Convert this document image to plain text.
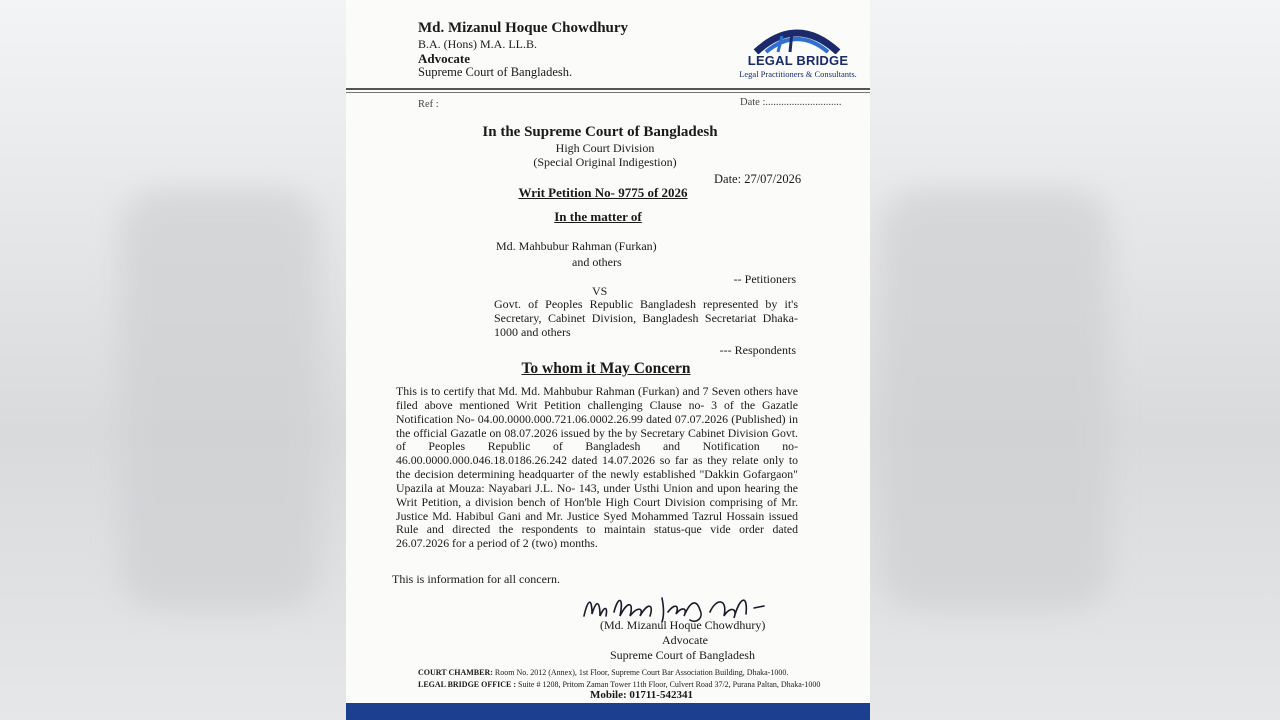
Md. Mizanul Hoque Chowdhury
B.A. (Hons) M.A. LL.B.
Advocate
Supreme Court of Bangladesh.
LEGAL BRIDGE
Legal Practitioners & Consultants.
Ref :	Date :.............................
In the Supreme Court of Bangladesh
High Court Division
(Special Original Indigestion)
Date: 27/07/2026
Writ Petition No- 9775 of 2026
In the matter of
Md. Mahbubur Rahman (Furkan)
and others
-- Petitioners
VS
Govt. of Peoples Republic Bangladesh represented by it's Secretary, Cabinet Division, Bangladesh Secretariat Dhaka-1000 and others
--- Respondents
To whom it May Concern
This is to certify that Md. Md. Mahbubur Rahman (Furkan) and 7 Seven others have filed above mentioned Writ Petition challenging Clause no- 3 of the Gazatle Notification No- 04.00.0000.000.721.06.0002.26.99 dated 07.07.2026 (Published) in the official Gazatle on 08.07.2026 issued by the by Secretary Cabinet Division Govt. of Peoples Republic of Bangladesh and Notification no-46.00.0000.000.046.18.0186.26.242 dated 14.07.2026 so far as they relate only to the decision determining headquarter of the newly established "Dakkin Gofargaon" Upazila at Mouza: Nayabari J.L. No- 143, under Usthi Union and upon hearing the Writ Petition, a division bench of Hon'ble High Court Division comprising of Mr. Justice Md. Habibul Gani and Mr. Justice Syed Mohammed Tazrul Hossain issued Rule and directed the respondents to maintain status-que vide order dated 26.07.2026 for a period of 2 (two) months.
This is information for all concern.
(Md. Mizanul Hoque Chowdhury)
Advocate
Supreme Court of Bangladesh
COURT CHAMBER: Room No. 2012 (Annex), 1st Floor, Supreme Court Bar Association Building, Dhaka-1000.
LEGAL BRIDGE OFFICE : Suite # 1208, Pritom Zaman Tower 11th Floor, Culvert Road 37/2, Purana Paltan, Dhaka-1000
Mobile: 01711-542341
